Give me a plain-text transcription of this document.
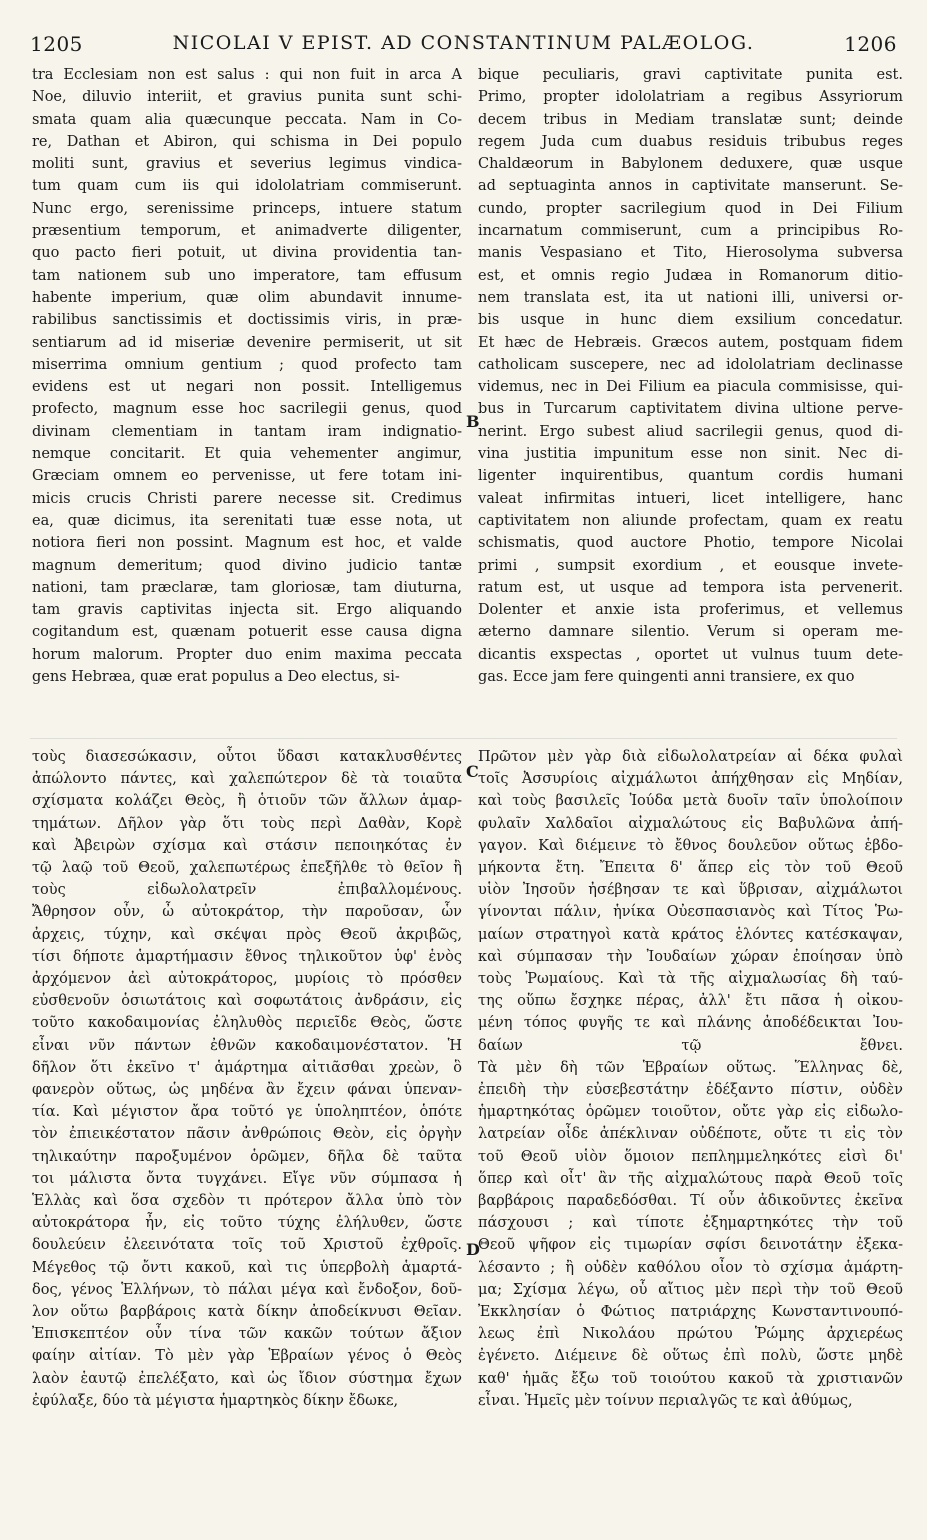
1205	NICOLAI V EPIST. AD CONSTANTINUM PALÆOLOG.	1206
tra Ecclesiam non est salus : qui non fuit in arca A
Noe, diluvio interiit, et gravius punita sunt schi-
smata quam alia quæcunque peccata. Nam in Co-
re, Dathan et Abiron, qui schisma in Dei populo
moliti sunt, gravius et severius legimus vindica-
tum quam cum iis qui idololatriam commiserunt.
Nunc ergo, serenissime princeps, intuere statum
præsentium temporum, et animadverte diligenter,
quo pacto fieri potuit, ut divina providentia tan-
tam nationem sub uno imperatore, tam effusum
habente imperium, quæ olim abundavit innume-
rabilibus sanctissimis et doctissimis viris, in præ-
sentiarum ad id miseriæ devenire permiserit, ut sit
miserrima omnium gentium ; quod profecto tam
evidens est ut negari non possit. Intelligemus
profecto, magnum esse hoc sacrilegii genus, quod
divinam clementiam in tantam iram indignatio-
nemque concitarit. Et quia vehementer angimur,
Græciam omnem eo pervenisse, ut fere totam ini-
micis crucis Christi parere necesse sit. Credimus
ea, quæ dicimus, ita serenitati tuæ esse nota, ut
notiora fieri non possint. Magnum est hoc, et valde
magnum demeritum; quod divino judicio tantæ
nationi, tam præclaræ, tam gloriosæ, tam diuturna,
tam gravis captivitas injecta sit. Ergo aliquando
cogitandum est, quænam potuerit esse causa digna
horum malorum. Propter duo enim maxima peccata
gens Hebræa, quæ erat populus a Deo electus, si-
bique peculiaris, gravi captivitate punita est.
Primo, propter idololatriam a regibus Assyriorum
decem tribus in Mediam translatæ sunt; deinde
regem Juda cum duabus residuis tribubus reges
Chaldæorum in Babylonem deduxere, quæ usque
ad septuaginta annos in captivitate manserunt. Se-
cundo, propter sacrilegium quod in Dei Filium
incarnatum commiserunt, cum a principibus Ro-
manis Vespasiano et Tito, Hierosolyma subversa
est, et omnis regio Judæa in Romanorum ditio-
nem translata est, ita ut nationi illi, universi or-
bis usque in hunc diem exsilium concedatur.
Et hæc de Hebræis. Græcos autem, postquam fidem
catholicam suscepere, nec ad idololatriam declinasse
videmus, nec in Dei Filium ea piacula commisisse, qui-
bus in Turcarum captivitatem divina ultione perve-
nerint. Ergo subest aliud sacrilegii genus, quod di-
vina justitia impunitum esse non sinit. Nec di-
ligenter inquirentibus, quantum cordis humani
valeat infirmitas intueri, licet intelligere, hanc
captivitatem non aliunde profectam, quam ex reatu
schismatis, quod auctore Photio, tempore Nicolai
primi , sumpsit exordium , et eousque invete-
ratum est, ut usque ad tempora ista pervenerit.
Dolenter et anxie ista proferimus, et vellemus
æterno damnare silentio. Verum si operam me-
dicantis exspectas , oportet ut vulnus tuum dete-
gas. Ecce jam fere quingenti anni transiere, ex quo
τοὺς διασεσώκασιν, οὗτοι ὕδασι κατακλυσθέντες
ἀπώλοντο πάντες, καὶ χαλεπώτερον δὲ τὰ τοιαῦτα
σχίσματα κολάζει Θεὸς, ἢ ὁτιοῦν τῶν ἄλλων ἁμαρ-
τημάτων. Δῆλον γὰρ ὅτι τοὺς περὶ Δαθὰν, Κορὲ
καὶ Ἀβειρὼν σχίσμα καὶ στάσιν πεποιηκότας ἐν
τῷ λαῷ τοῦ Θεοῦ, χαλεπωτέρως ἐπεξῆλθε τὸ θεῖον ἢ
τοὺς εἰδωλολατρεῖν ἐπιβαλλομένους.
Ἄθρησον οὖν, ὦ αὐτοκράτορ, τὴν παροῦσαν, ὧν
ἀρχεις, τύχην, καὶ σκέψαι πρὸς Θεοῦ ἀκριβῶς,
τίσι δήποτε ἁμαρτήμασιν ἔθνος τηλικοῦτον ὑφ' ἑνὸς
ἀρχόμενον ἀεὶ αὐτοκράτορος, μυρίοις τὸ πρόσθεν
εὐσθενοῦν ὁσιωτάτοις καὶ σοφωτάτοις ἀνδράσιν, εἰς
τοῦτο κακοδαιμονίας ἐληλυθὸς περιεῖδε Θεὸς, ὥστε
εἶναι νῦν πάντων ἐθνῶν κακοδαιμονέστατον. Ἡ
δῆλον ὅτι ἐκεῖνο τ' ἁμάρτημα αἰτιᾶσθαι χρεὼν, ὃ
φανερὸν οὕτως, ὡς μηδένα ἂν ἔχειν φάναι ὑπεναν-
τία. Καὶ μέγιστον ἄρα τοῦτό γε ὑποληπτέον, ὁπότε
τὸν ἐπιεικέστατον πᾶσιν ἀνθρώποις Θεὸν, εἰς ὀργὴν
τηλικαύτην παροξυμένον ὁρῶμεν, δῆλα δὲ ταῦτα
τοι μάλιστα ὄντα τυγχάνει. Εἴγε νῦν σύμπασα ἡ
Ἑλλὰς καὶ ὅσα σχεδὸν τι πρότερον ἄλλα ὑπὸ τὸν
αὐτοκράτορα ἦν, εἰς τοῦτο τύχης ἐλήλυθεν, ὥστε
δουλεύειν ἐλεεινότατα τοῖς τοῦ Χριστοῦ ἐχθροῖς.
Μέγεθος τῷ ὄντι κακοῦ, καὶ τις ὑπερβολὴ ἁμαρτά-
δος, γένος Ἑλλήνων, τὸ πάλαι μέγα καὶ ἔνδοξον, δοῦ-
λον οὕτω βαρβάροις κατὰ δίκην ἀποδείκνυσι Θεῖαν.
Ἐπισκεπτέον οὖν τίνα τῶν κακῶν τούτων ἄξιον
φαίην αἰτίαν. Τὸ μὲν γὰρ Ἑβραίων γένος ὁ Θεὸς
λαὸν ἑαυτῷ ἐπελέξατο, καὶ ὡς ἴδιον σύστημα ἔχων
ἐφύλαξε, δύο τὰ μέγιστα ἡμαρτηκὸς δίκην ἔδωκε,
Πρῶτον μὲν γὰρ διὰ εἰδωλολατρείαν αἱ δέκα φυλαὶ
τοῖς Ἀσσυρίοις αἰχμάλωτοι ἀπήχθησαν εἰς Μηδίαν,
καὶ τοὺς βασιλεῖς Ἰούδα μετὰ δυοῖν ταῖν ὑπολοίποιν
φυλαῖν Χαλδαῖοι αἰχμαλώτους εἰς Βαβυλῶνα ἀπή-
γαγον. Καὶ διέμεινε τὸ ἔθνος δουλεῦον οὕτως ἑβδο-
μήκοντα ἔτη. Ἔπειτα δ' ἅπερ εἰς τὸν τοῦ Θεοῦ
υἱὸν Ἰησοῦν ἠσέβησαν τε καὶ ὕβρισαν, αἰχμάλωτοι
γίνονται πάλιν, ἡνίκα Οὐεσπασιανὸς καὶ Τίτος Ῥω-
μαίων στρατηγοὶ κατὰ κράτος ἑλόντες κατέσκαψαν,
καὶ σύμπασαν τὴν Ἰουδαίων χώραν ἐποίησαν ὑπὸ
τοὺς Ῥωμαίους. Καὶ τὰ τῆς αἰχμαλωσίας δὴ ταύ-
της οὕπω ἔσχηκε πέρας, ἀλλ' ἔτι πᾶσα ἡ οἰκου-
μένη τόπος φυγῆς τε καὶ πλάνης ἀποδέδεικται Ἰου-
δαίων τῷ ἔθνει.
Τὰ μὲν δὴ τῶν Ἑβραίων οὕτως. Ἕλληνας δὲ,
ἐπειδὴ τὴν εὐσεβεστάτην ἐδέξαντο πίστιν, οὐδὲν
ἡμαρτηκότας ὁρῶμεν τοιοῦτον, οὔτε γὰρ εἰς εἰδωλο-
λατρείαν οἶδε ἀπέκλιναν οὐδέποτε, οὔτε τι εἰς τὸν
τοῦ Θεοῦ υἱὸν ὅμοιον πεπλημμεληκότες εἰσὶ δι'
ὅπερ καὶ οἶτ' ἂν τῆς αἰχμαλώτους παρὰ Θεοῦ τοῖς
βαρβάροις παραδεδόσθαι. Τί οὖν ἀδικοῦντες ἐκεῖνα
πάσχουσι ; καὶ τίποτε ἐξημαρτηκότες τὴν τοῦ
Θεοῦ ψῆφον εἰς τιμωρίαν σφίσι δεινοτάτην ἐξεκα-
λέσαντο ; ἢ οὐδὲν καθόλου οἶον τὸ σχίσμα ἁμάρτη-
μα; Σχίσμα λέγω, οὗ αἴτιος μὲν περὶ τὴν τοῦ Θεοῦ
Ἐκκλησίαν ὁ Φώτιος πατριάρχης Κωνσταντινουπό-
λεως ἐπὶ Νικολάου πρώτου Ῥώμης ἀρχιερέως
ἐγένετο. Διέμεινε δὲ οὕτως ἐπὶ πολὺ, ὥστε μηδὲ
καθ' ἡμᾶς ἔξω τοῦ τοιούτου κακοῦ τὰ χριστιανῶν
εἶναι. Ἡμεῖς μὲν τοίνυν περιαλγῶς τε καὶ ἀθύμως,
B
C
D
